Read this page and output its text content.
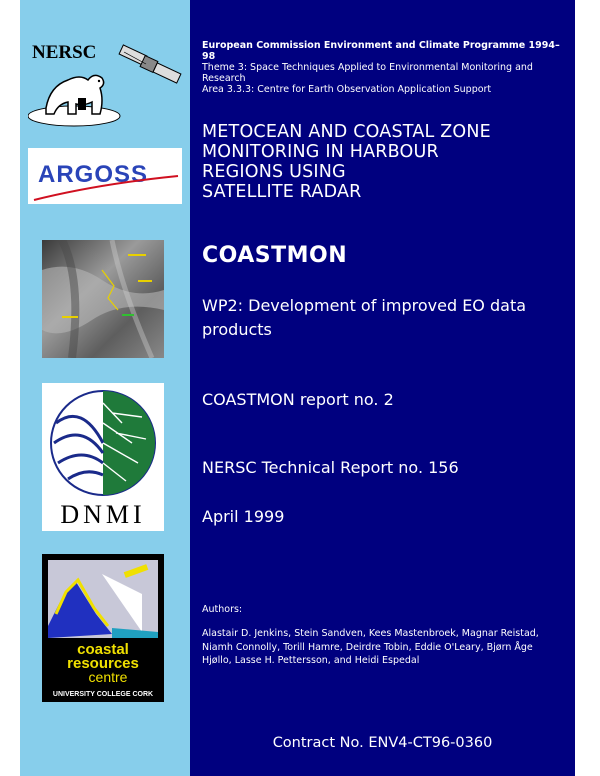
NERSC
ARGOSS
DNMI
coastal
resources
centre
UNIVERSITY COLLEGE CORK
European Commission Environment and Climate Programme 1994–98
Theme 3: Space Techniques Applied to Environmental Monitoring and Research
Area 3.3.3: Centre for Earth Observation Application Support
METOCEAN AND COASTAL ZONE
MONITORING IN HARBOUR
REGIONS USING
SATELLITE RADAR
COASTMON
WP2: Development of improved EO data products
COASTMON report no. 2
NERSC Technical Report no. 156
April 1999
Authors:
Alastair D. Jenkins, Stein Sandven, Kees Mastenbroek, Magnar Reistad, Niamh Connolly, Torill Hamre, Deirdre Tobin, Eddie O'Leary, Bjørn Åge Hjøllo, Lasse H. Pettersson, and Heidi Espedal
Contract No. ENV4-CT96-0360
